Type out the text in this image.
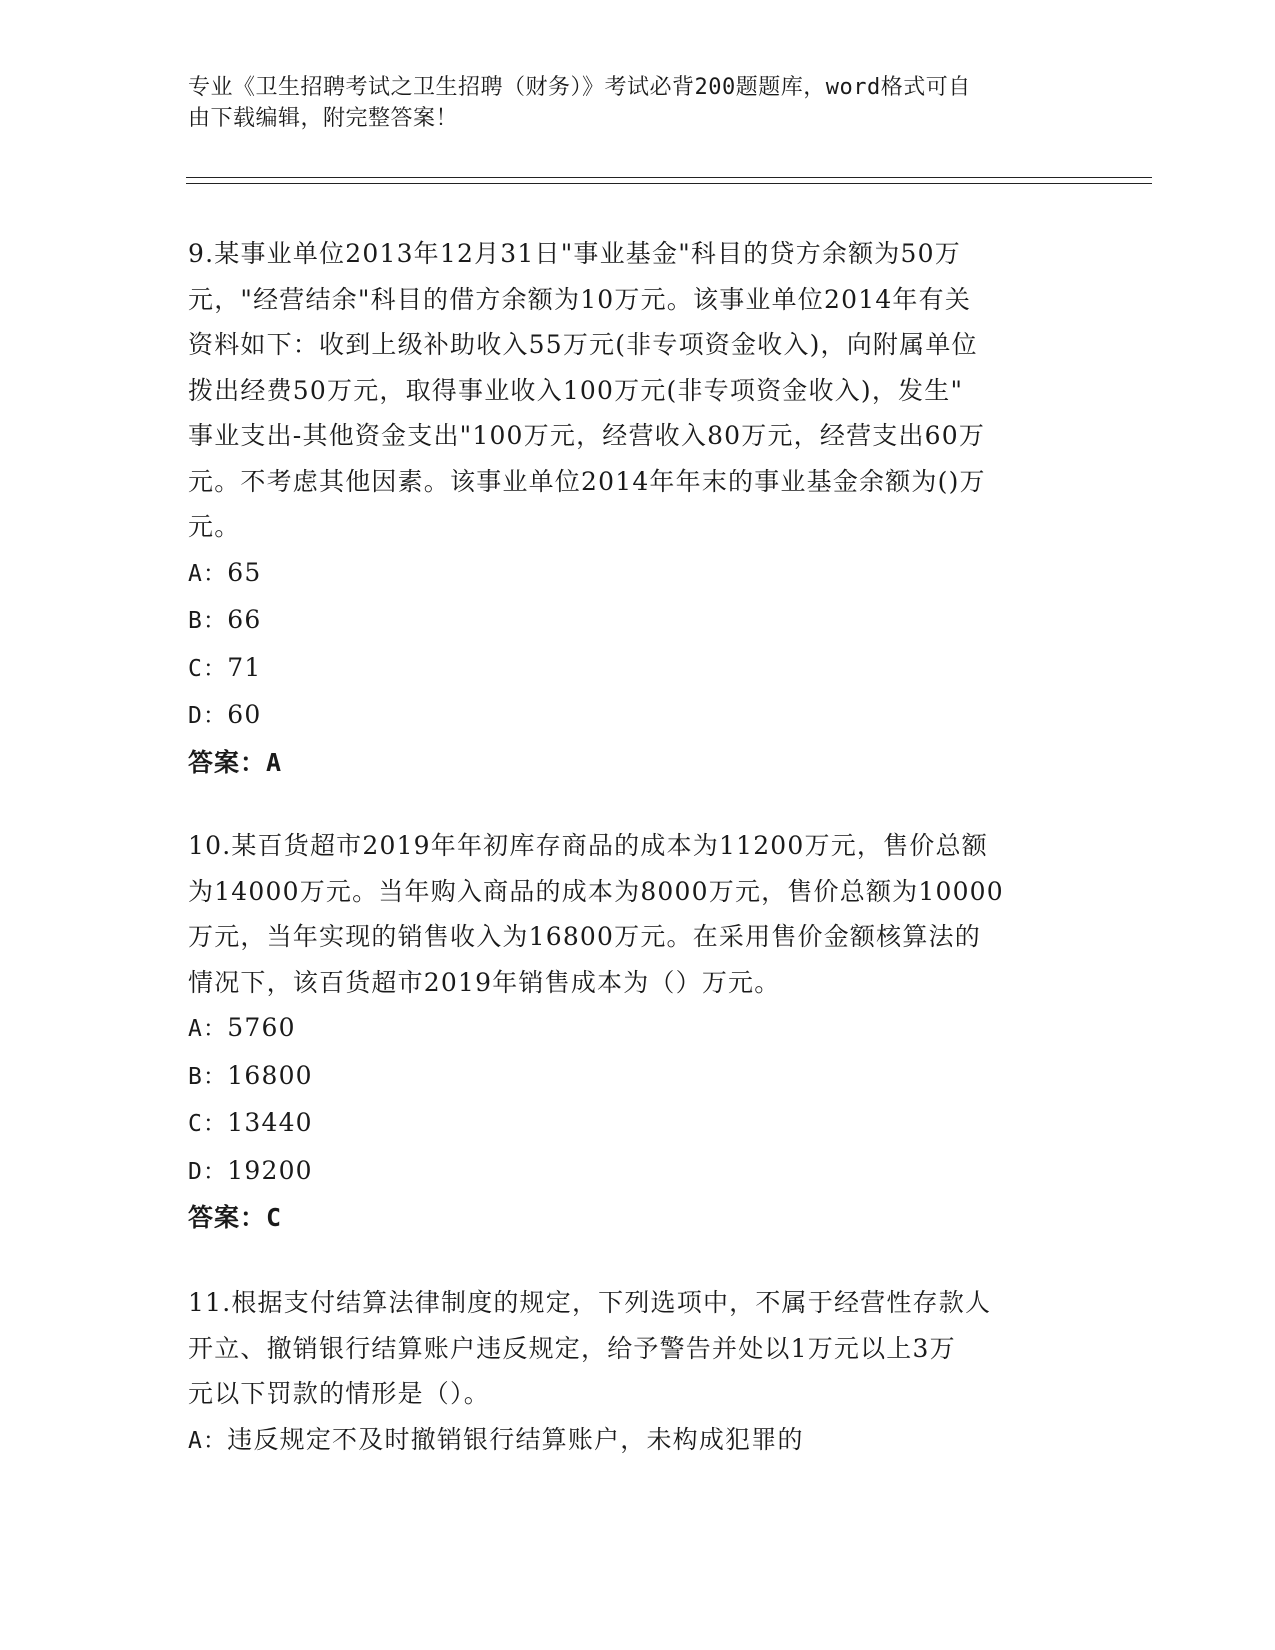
专业《卫生招聘考试之卫生招聘（财务）》考试必背200题题库，word格式可自
由下载编辑，附完整答案！

9.某事业单位2013年12月31日"事业基金"科目的贷方余额为50万

元，"经营结余"科目的借方余额为10万元。该事业单位2014年有关

资料如下：收到上级补助收入55万元(非专项资金收入)，向附属单位

拨出经费50万元，取得事业收入100万元(非专项资金收入)，发生"

事业支出-其他资金支出"100万元，经营收入80万元，经营支出60万

元。不考虑其他因素。该事业单位2014年年末的事业基金余额为()万

元。

A：65

B：66

C：71

D：60

答案：A

10.某百货超市2019年年初库存商品的成本为11200万元，售价总额

为14000万元。当年购入商品的成本为8000万元，售价总额为10000

万元，当年实现的销售收入为16800万元。在采用售价金额核算法的

情况下，该百货超市2019年销售成本为（）万元。

A：5760

B：16800

C：13440

D：19200

答案：C

11.根据支付结算法律制度的规定，下列选项中，不属于经营性存款人

开立、撤销银行结算账户违反规定，给予警告并处以1万元以上3万

元以下罚款的情形是（）。

A：违反规定不及时撤销银行结算账户，未构成犯罪的
